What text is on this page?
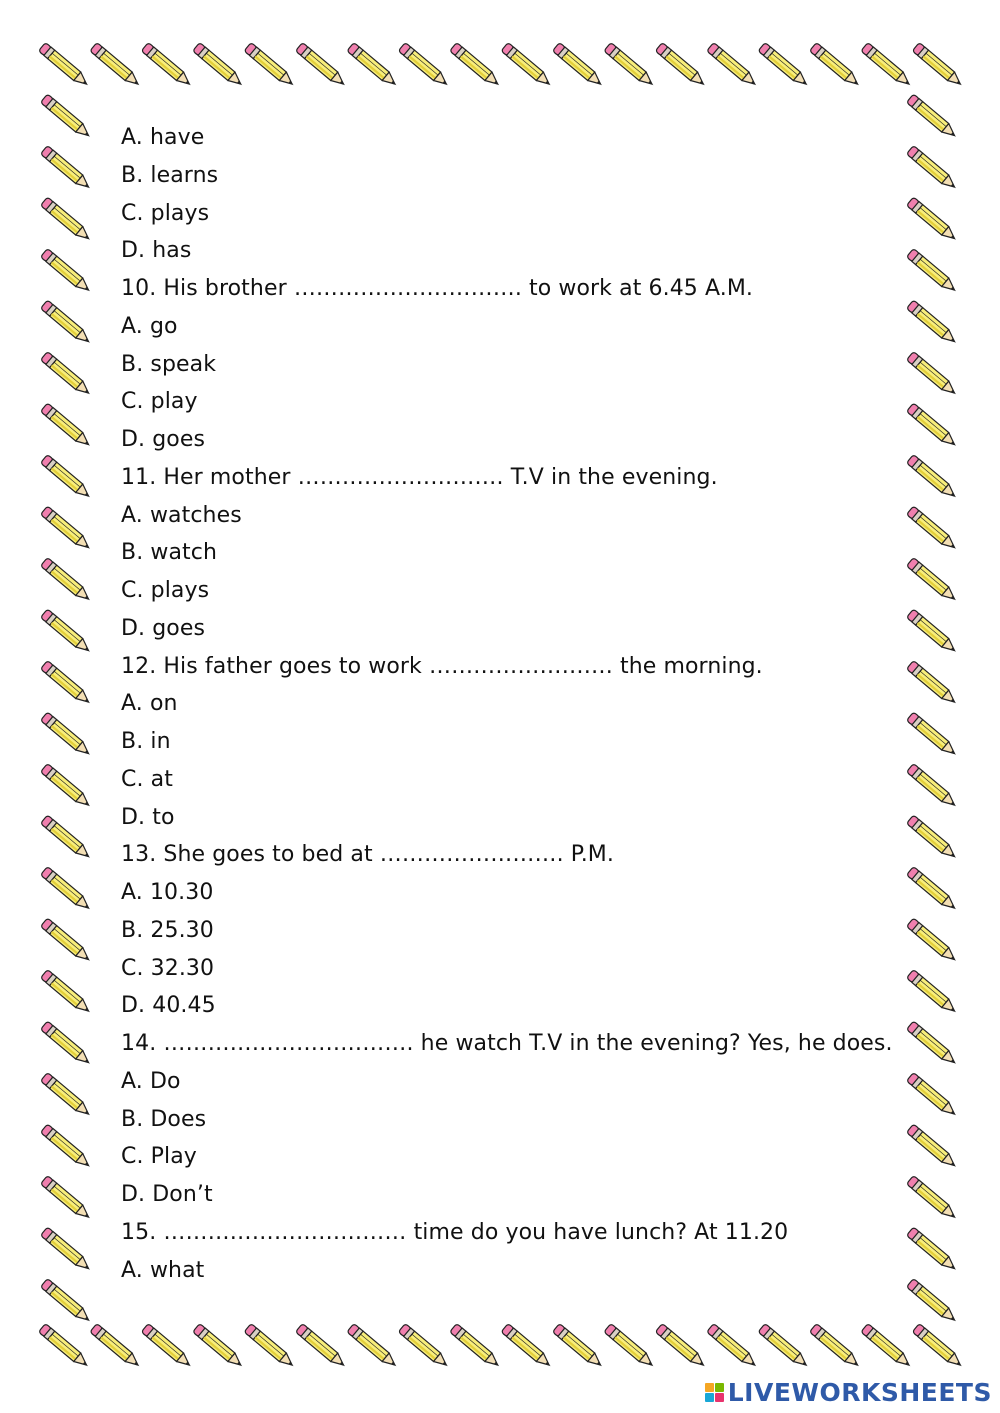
A. have
B. learns
C. plays
D. has
10. His brother …………………………. to work at 6.45 A.M.
A. go
B. speak
C. play
D. goes
11. Her mother ………………………. T.V in the evening.
A. watches
B. watch
C. plays
D. goes
12. His father goes to work ……………………. the morning.
A. on
B. in
C. at
D. to
13. She goes to bed at ……………………. P.M.
A. 10.30
B. 25.30
C. 32.30
D. 40.45
14. ……………………………. he watch T.V in the evening? Yes, he does.
A. Do
B. Does
C. Play
D. Don’t
15. …………………………… time do you have lunch? At 11.20
A. what
LIVEWORKSHEETS
